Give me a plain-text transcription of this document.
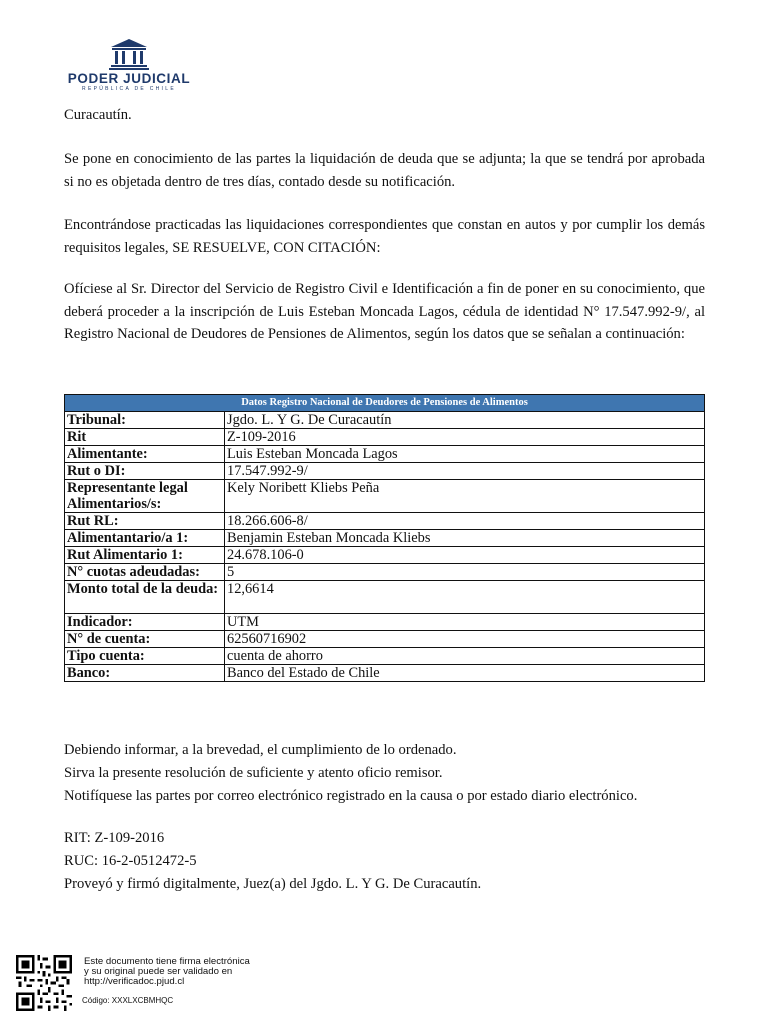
PODER JUDICIAL
REPÚBLICA DE CHILE

Curacautín.

Se pone en conocimiento de las partes la liquidación de deuda que se adjunta; la que se tendrá por aprobada si no es objetada dentro de tres días, contado desde su notificación.

Encontrándose practicadas las liquidaciones correspondientes que constan en autos y por cumplir los demás requisitos legales, SE RESUELVE, CON CITACIÓN:

Ofíciese al Sr. Director del Servicio de Registro Civil e Identificación a fin de poner en su conocimiento, que deberá proceder a la inscripción de Luis Esteban Moncada Lagos, cédula de identidad N° 17.547.992-9/, al Registro Nacional de Deudores de Pensiones de Alimentos, según los datos que se señalan a continuación:

Datos Registro Nacional de Deudores de Pensiones de Alimentos	
Tribunal:	Jgdo. L. Y G. De Curacautín
Rit	Z-109-2016
Alimentante:	Luis Esteban Moncada Lagos
Rut o DI:	17.547.992-9/
Representante legal Alimentarios/s:	Kely Noribett Kliebs Peña
Rut RL:	18.266.606-8/
Alimentantario/a 1:	Benjamin Esteban Moncada Kliebs
Rut Alimentario 1:	24.678.106-0
N° cuotas adeudadas:	5
Monto total de la deuda:	12,6614
Indicador:	UTM
N° de cuenta:	62560716902
Tipo cuenta:	cuenta de ahorro
Banco:	Banco del Estado de Chile
Debiendo informar, a la brevedad, el cumplimiento de lo ordenado.
Sirva la presente resolución de suficiente y atento oficio remisor.
Notifíquese las partes por correo electrónico registrado en la causa o por estado diario electrónico.
RIT: Z-109-2016
RUC: 16-2-0512472-5
Proveyó y firmó digitalmente, Juez(a) del Jgdo. L. Y G. De Curacautín.
Este documento tiene firma electrónica
y su original puede ser validado en
http://verificadoc.pjud.cl
Código: XXXLXCBMHQC
